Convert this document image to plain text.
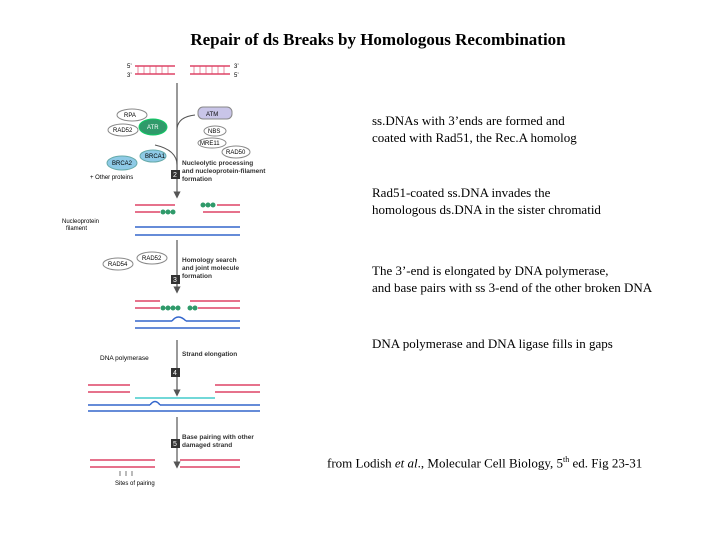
Repair of ds Breaks by Homologous Recombination
5’
3’
3’
5’
RPA
RAD52 ATR
BRCA2
BRCA1
ATM
NBS
MRE11
RAD50
+ Other proteins	2
Nucleolytic processing
and nucleoprotein-filament
formation
Nucleoprotein
filament
RAD54
RAD52
3
Homology search
and joint molecule
formation
DNA polymerase
4
Strand elongation
5
Base pairing with other
damaged strand
Sites of pairing
ss.DNAs with 3’ends are formed and
coated with Rad51, the Rec.A homolog
Rad51-coated ss.DNA invades the
homologous ds.DNA in the sister chromatid
The 3’-end is elongated by DNA polymerase,
and base pairs with ss 3-end of the other broken DNA
DNA polymerase and DNA ligase fills in gaps
from Lodish et al., Molecular Cell Biology, 5th ed. Fig 23-31
